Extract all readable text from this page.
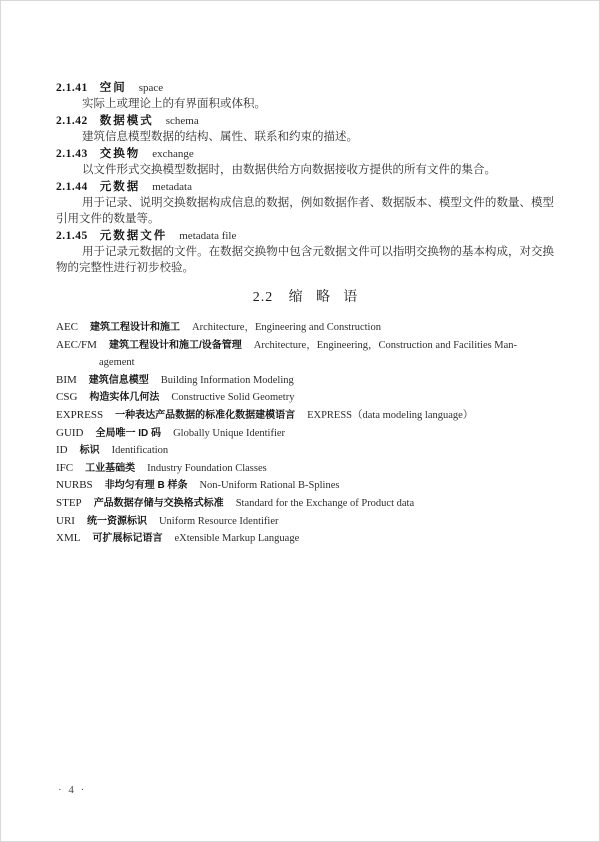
2.1.41 空间 space

实际上或理论上的有界面积或体积。

2.1.42 数据模式 schema

建筑信息模型数据的结构、属性、联系和约束的描述。

2.1.43 交换物 exchange

以文件形式交换模型数据时，由数据供给方向数据接收方提供的所有文件的集合。

2.1.44 元数据 metadata

用于记录、说明交换数据构成信息的数据，例如数据作者、数据版本、模型文件的数量、模型引用文件的数量等。

2.1.45 元数据文件 metadata file

用于记录元数据的文件。在数据交换物中包含元数据文件可以指明交换物的基本构成，对交换物的完整性进行初步校验。

2.2 缩略语

AEC 建筑工程设计和施工 Architecture，Engineering and Construction

AEC/FM 建筑工程设计和施工/设备管理 Architecture，Engineering，Construction and Facilities Man-
agement

BIM 建筑信息模型 Building Information Modeling

CSG 构造实体几何法 Constructive Solid Geometry

EXPRESS 一种表达产品数据的标准化数据建模语言 EXPRESS（data modeling language）

GUID 全局唯一 ID 码 Globally Unique Identifier

ID 标识 Identification

IFC 工业基础类 Industry Foundation Classes

NURBS 非均匀有理 B 样条 Non-Uniform Rational B-Splines

STEP 产品数据存储与交换格式标准 Standard for the Exchange of Product data

URI 统一资源标识 Uniform Resource Identifier

XML 可扩展标记语言 eXtensible Markup Language

· 4 ·
